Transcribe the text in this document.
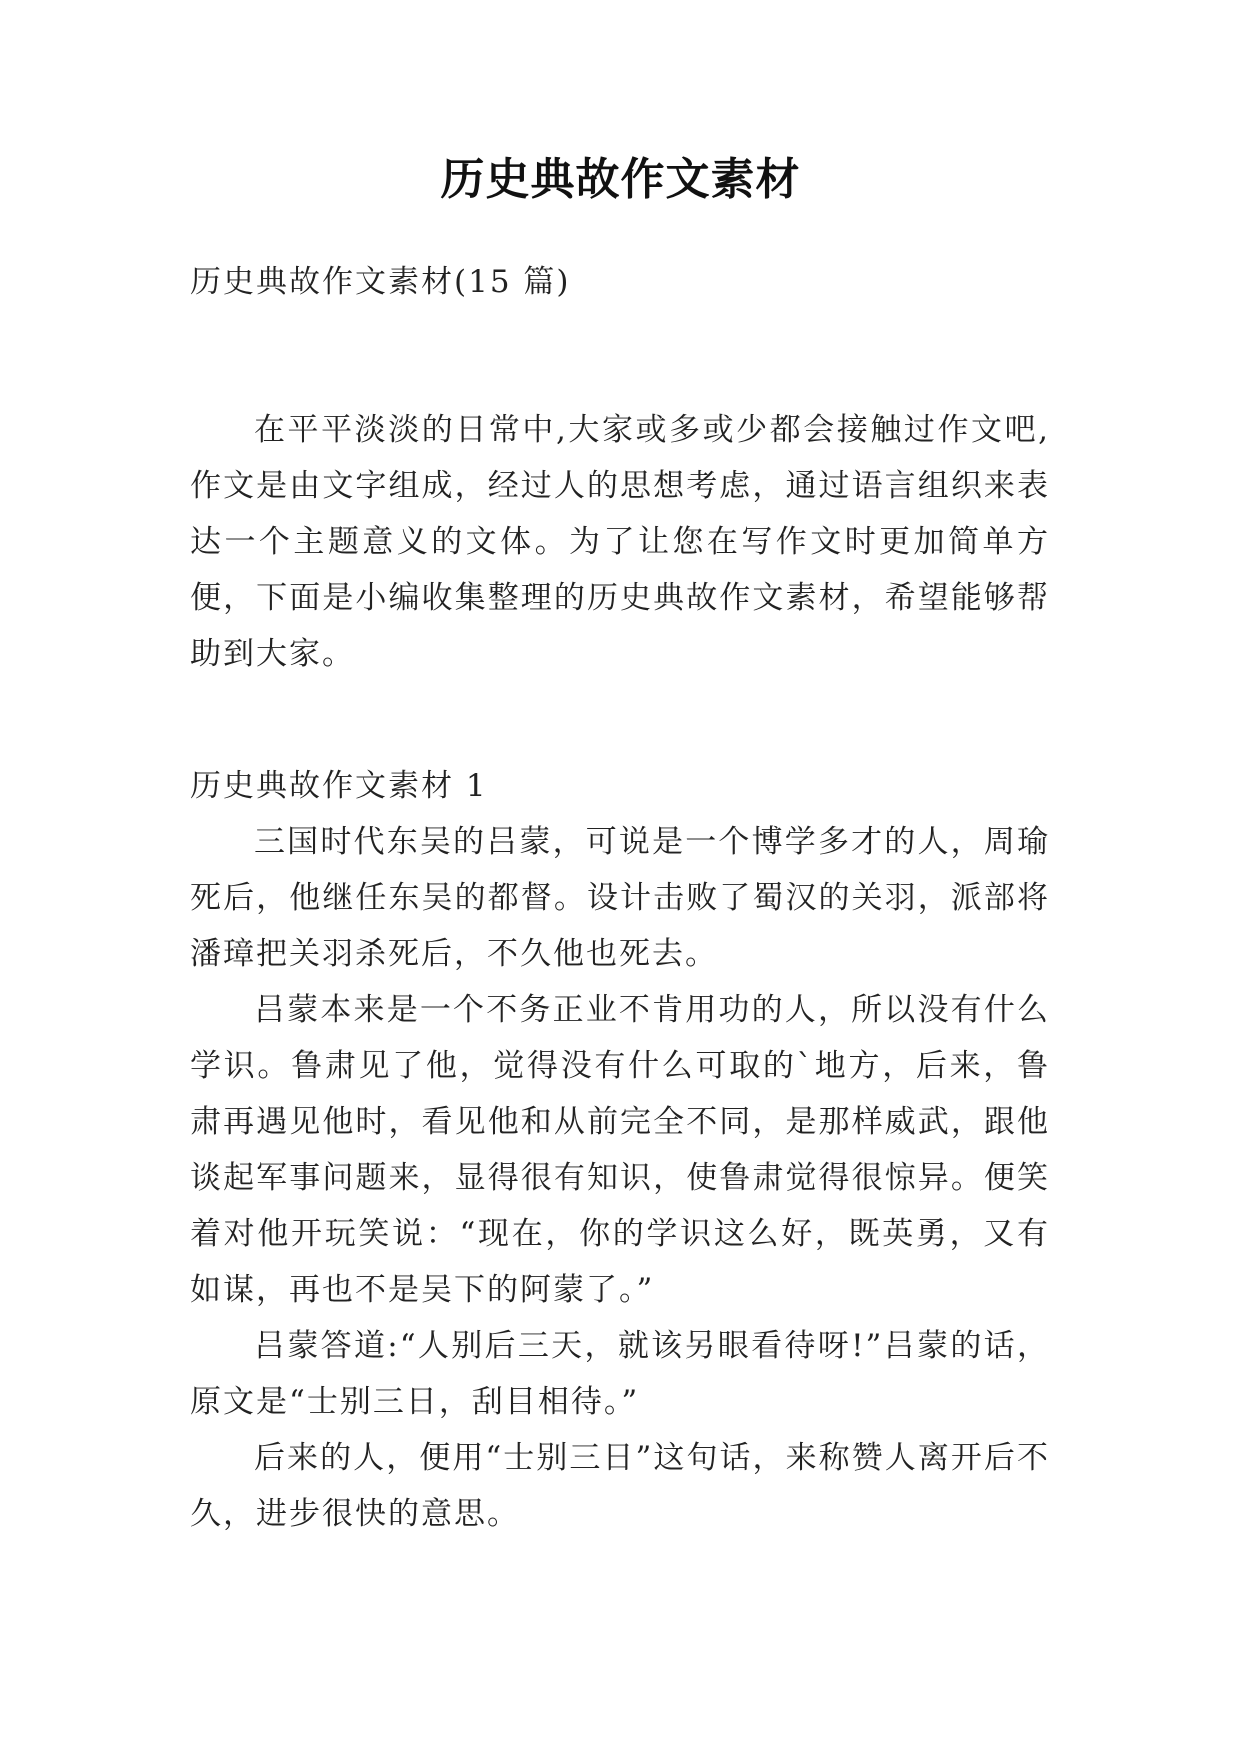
历史典故作文素材
历史典故作文素材(15 篇)
在平平淡淡的日常中,大家或多或少都会接触过作文吧,作文是由文字组成，经过人的思想考虑，通过语言组织来表达一个主题意义的文体。为了让您在写作文时更加简单方便，下面是小编收集整理的历史典故作文素材，希望能够帮助到大家。

历史典故作文素材 1

三国时代东吴的吕蒙，可说是一个博学多才的人，周瑜死后，他继任东吴的都督。设计击败了蜀汉的关羽，派部将潘璋把关羽杀死后，不久他也死去。

吕蒙本来是一个不务正业不肯用功的人，所以没有什么学识。鲁肃见了他，觉得没有什么可取的`地方，后来，鲁肃再遇见他时，看见他和从前完全不同，是那样威武，跟他谈起军事问题来，显得很有知识，使鲁肃觉得很惊异。便笑着对他开玩笑说：“现在，你的学识这么好，既英勇，又有如谋，再也不是吴下的阿蒙了。”

吕蒙答道:“人别后三天，就该另眼看待呀!”吕蒙的话，原文是“士别三日，刮目相待。”

后来的人，便用“士别三日”这句话，来称赞人离开后不久，进步很快的意思。
